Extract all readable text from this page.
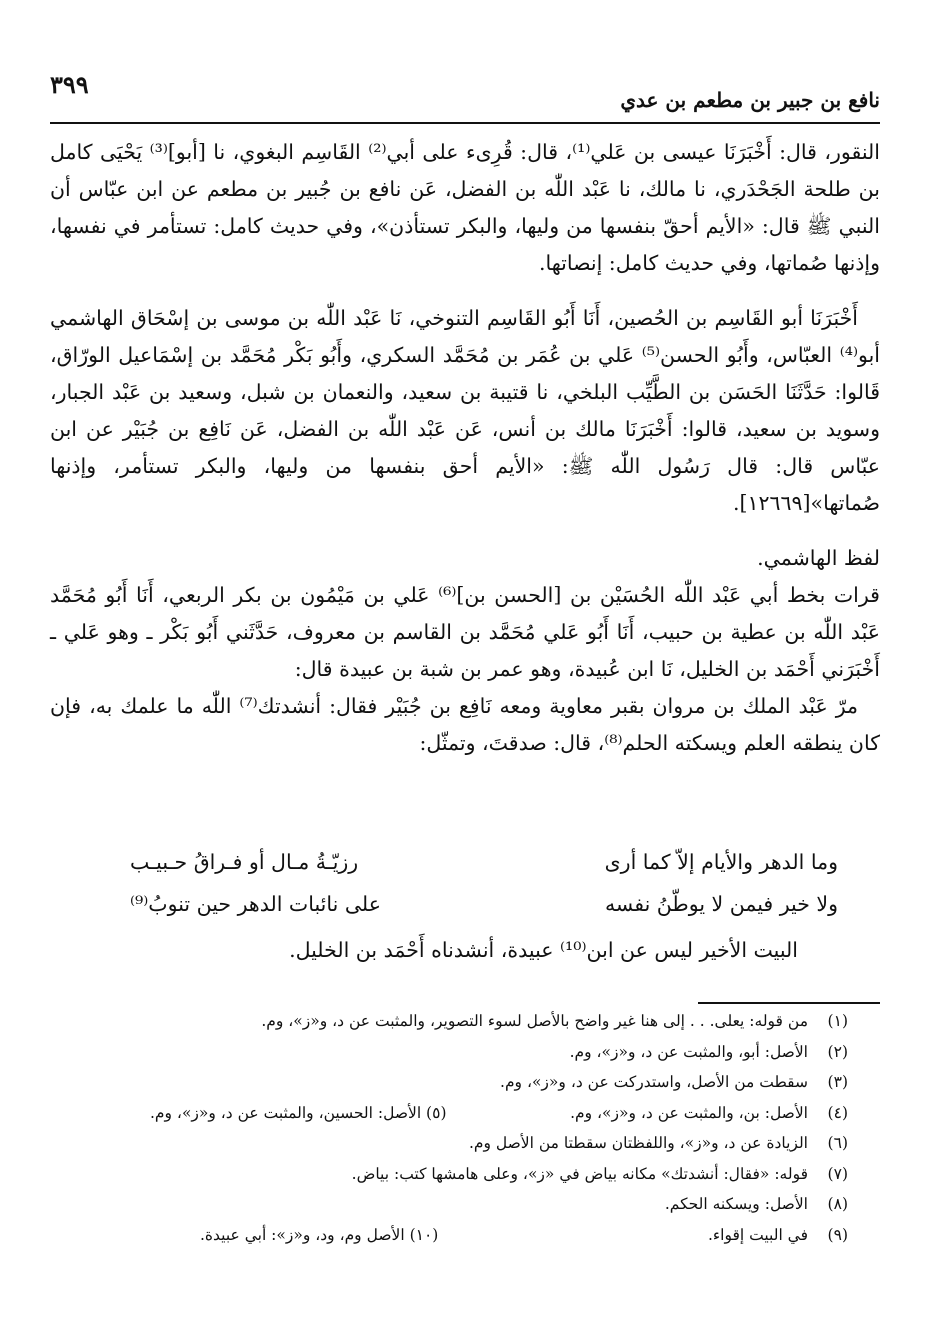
٣٩٩
نافع بن جبير بن مطعم بن عدي

النقور، قال: أَخْبَرَنَا عيسى بن عَلي⁽¹⁾، قال: قُرِىء على أبي⁽²⁾ القَاسِم البغوي، نا [أبو]⁽³⁾ يَحْيَى كامل بن طلحة الجَحْدَري، نا مالك، نا عَبْد اللّٰه بن الفضل، عَن نافع بن جُبير بن مطعم عن ابن عبّاس أن النبي ﷺ قال: «الأيم أحقّ بنفسها من وليها، والبكر تستأذن»، وفي حديث كامل: تستأمر في نفسها، وإذنها صُماتها، وفي حديث كامل: إنصاتها.

أَخْبَرَنَا أبو القَاسِم بن الحُصين، أَنَا أَبُو القَاسِم التنوخي، نَا عَبْد اللّٰه بن موسى بن إسْحَاق الهاشمي أبو⁽⁴⁾ العبّاس، وأَبُو الحسن⁽⁵⁾ عَلي بن عُمَر بن مُحَمَّد السكري، وأَبُو بَكْر مُحَمَّد بن إسْمَاعيل الورّاق، قَالوا: حَدَّثَنَا الحَسَن بن الطَّيِّب البلخي، نا قتيبة بن سعيد، والنعمان بن شبل، وسعيد بن عَبْد الجبار، وسويد بن سعيد، قالوا: أَخْبَرَنَا مالك بن أنس، عَن عَبْد اللّٰه بن الفضل، عَن نَافِع بن جُبَيْر عن ابن عبّاس قال: قال رَسُول اللّٰه ﷺ: «الأيم أحق بنفسها من وليها، والبكر تستأمر، وإذنها صُماتها»[١٢٦٦٩].

لفظ الهاشمي.

قرات بخط أبي عَبْد اللّٰه الحُسَيْن بن [الحسن بن]⁽⁶⁾ عَلي بن مَيْمُون بن بكر الربعي، أَنَا أَبُو مُحَمَّد عَبْد اللّٰه بن عطية بن حبيب، أَنَا أَبُو عَلي مُحَمَّد بن القاسم بن معروف، حَدَّثَني أَبُو بَكْر ـ وهو عَلي ـ أَخْبَرَني أَحْمَد بن الخليل، نَا ابن عُبيدة، وهو عمر بن شبة بن عبيدة قال:

مرّ عَبْد الملك بن مروان بقبر معاوية ومعه نَافِع بن جُبَيْر فقال: أنشدتك⁽⁷⁾ اللّٰه ما علمك به، فإن كان ينطقه العلم ويسكته الحلم⁽⁸⁾، قال: صدقتَ، وتمثّل:

وما الدهر والأيام إلاّ كما أرى
رزيّـةُ مـال أو فـراقُ حـبيـب
ولا خير فيمن لا يوطّنُ نفسه
على نائبات الدهر حين تنوبُ⁽⁹⁾
البيت الأخير ليس عن ابن⁽¹⁰⁾ عبيدة، أنشدناه أَحْمَد بن الخليل.
(١)من قوله: يعلى. . . إلى هنا غير واضح بالأصل لسوء التصوير، والمثبت عن د، و«ز»، وم.
(٢)الأصل: أبو، والمثبت عن د، و«ز»، وم.
(٣)سقطت من الأصل، واستدركت عن د، و«ز»، وم.
(٤)الأصل: بن، والمثبت عن د، و«ز»، وم.
(٥) الأصل: الحسين، والمثبت عن د، و«ز»، وم.
(٦)الزيادة عن د، و«ز»، واللفظتان سقطتا من الأصل وم.
(٧)قوله: «فقال: أنشدتك» مكانه بياض في «ز»، وعلى هامشها كتب: بياض.
(٨)الأصل: ويسكنه الحكم.
(٩)في البيت إقواء.
(١٠) الأصل وم، ود، و«ز»: أبي عبيدة.
